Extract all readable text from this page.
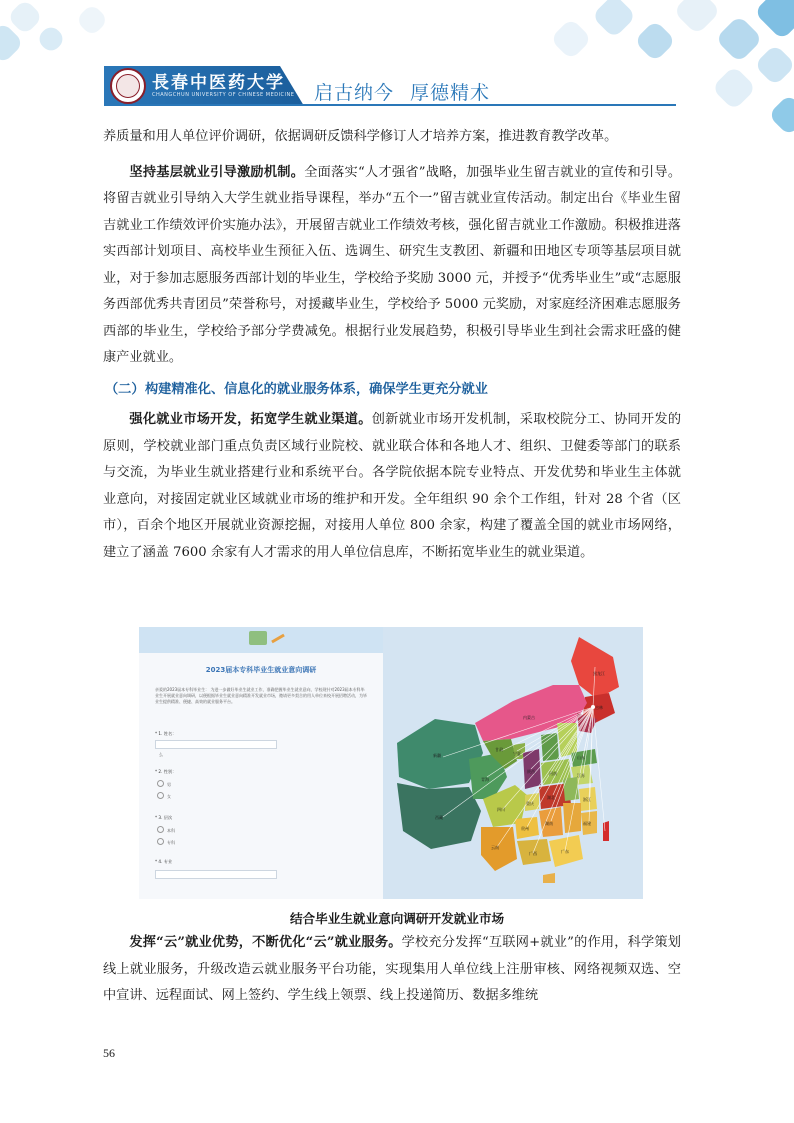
長春中医药大学
CHANGCHUN UNIVERSITY OF CHINESE MEDICINE 启古纳今 厚德精术

养质量和用人单位评价调研，依据调研反馈科学修订人才培养方案，推进教育教学改革。

坚持基层就业引导激励机制。全面落实“人才强省”战略，加强毕业生留吉就业的宣传和引导。将留吉就业引导纳入大学生就业指导课程，举办“五个一”留吉就业宣传活动。制定出台《毕业生留吉就业工作绩效评价实施办法》，开展留吉就业工作绩效考核，强化留吉就业工作激励。积极推进落实西部计划项目、高校毕业生预征入伍、选调生、研究生支教团、新疆和田地区专项等基层项目就业，对于参加志愿服务西部计划的毕业生，学校给予奖励 3000 元，并授予“优秀毕业生”或“志愿服务西部优秀共青团员”荣誉称号，对援藏毕业生，学校给予 5000 元奖励，对家庭经济困难志愿服务西部的毕业生，学校给予部分学费减免。根据行业发展趋势，积极引导毕业生到社会需求旺盛的健康产业就业。

（二）构建精准化、信息化的就业服务体系，确保学生更充分就业

强化就业市场开发，拓宽学生就业渠道。创新就业市场开发机制，采取校院分工、协同开发的原则，学校就业部门重点负责区域行业院校、就业联合体和各地人才、组织、卫健委等部门的联系与交流，为毕业生就业搭建行业和系统平台。各学院依据本院专业特点、开发优势和毕业生主体就业意向，对接固定就业区域就业市场的维护和开发。全年组织 90 余个工作组，针对 28 个省（区市），百余个地区开展就业资源挖掘，对接用人单位 800 余家，构建了覆盖全国的就业市场网络，建立了涵盖 7600 余家有人才需求的用人单位信息库，不断拓宽毕业生的就业渠道。

2023届本专科毕业生就业意向调研
亲爱的2023届本专科毕业生： 为进一步做好毕业生就业工作，准确把握毕业生就业意向，学校现针对2023届本专科毕业生开展就业意向调研，以便根据毕业生就业意向精准开发就业市场，邀请更多契合的用人单位来校开展招聘活动，为毕业生提供精准、便捷、高效的就业服务平台。
* 1. 姓名：
么
* 2. 性别：
男
女
* 3. 层次
本科
专科
* 4. 专业
黑龙江
吉林
内蒙古
新疆
西藏
青海
甘肃
宁夏
陕西
四川
重庆
云南
贵州
广西	广东
湖南
湖北
河南
山东
江苏
浙江
福建
结合毕业生就业意向调研开发就业市场

发挥“云”就业优势，不断优化“云”就业服务。学校充分发挥“互联网+就业”的作用，科学策划线上就业服务，升级改造云就业服务平台功能，实现集用人单位线上注册审核、网络视频双选、空中宣讲、远程面试、网上签约、学生线上领票、线上投递简历、数据多维统

56
